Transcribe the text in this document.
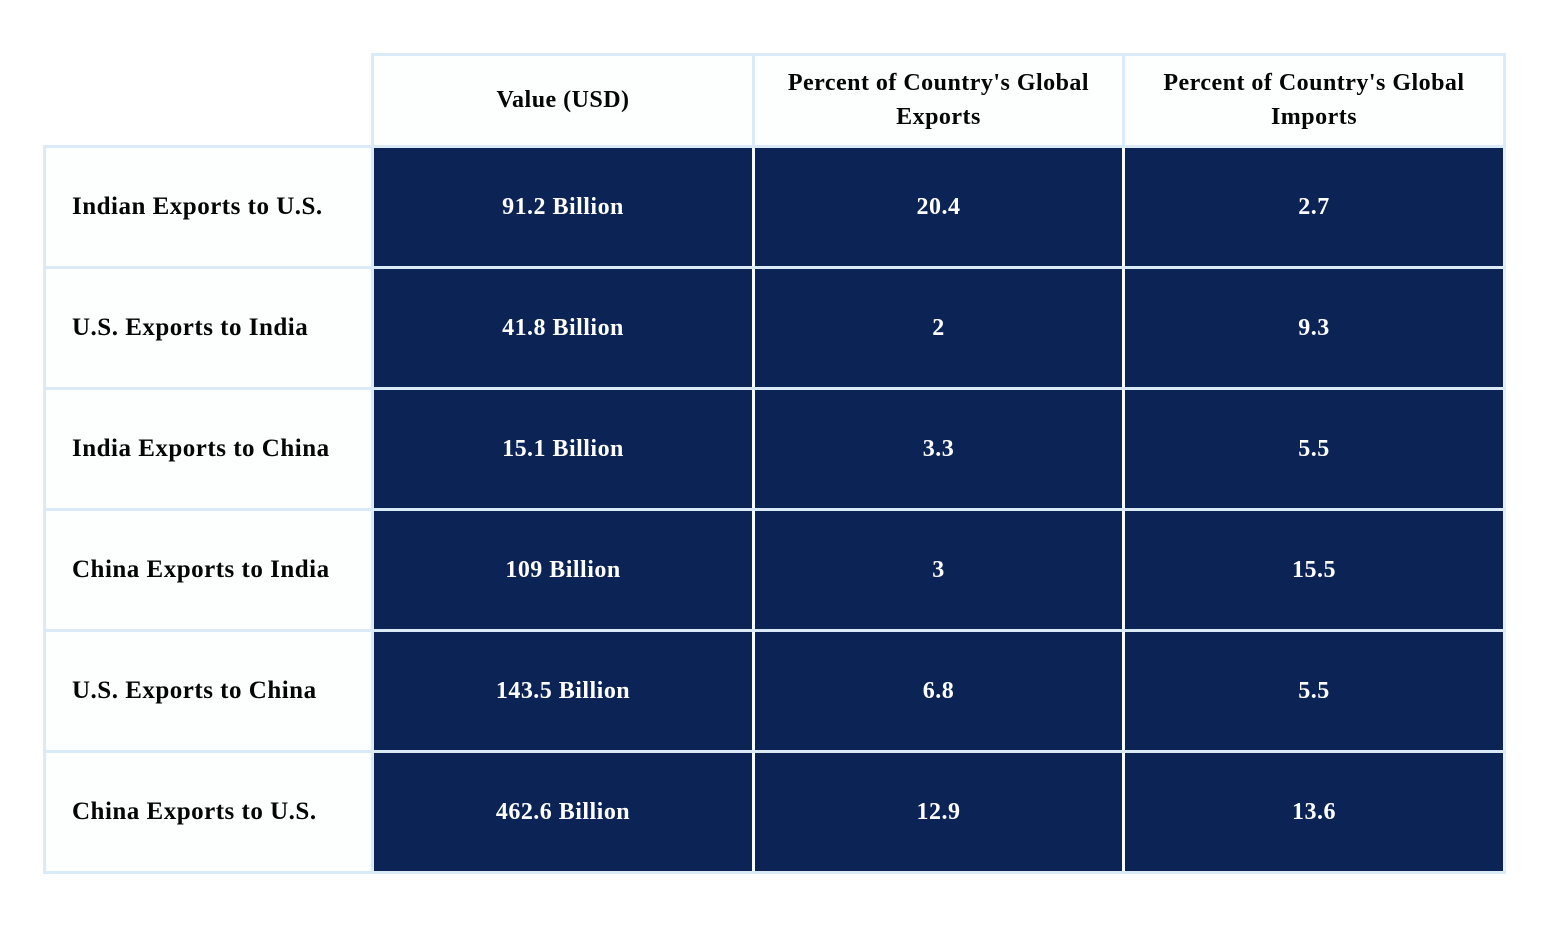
	Value (USD)	Percent of Country's Global Exports	Percent of Country's Global Imports
Indian Exports to U.S.	91.2 Billion	20.4	2.7
U.S. Exports to India	41.8 Billion	2	9.3
India Exports to China	15.1 Billion	3.3	5.5
China Exports to India	109 Billion	3	15.5
U.S. Exports to China	143.5 Billion	6.8	5.5
China Exports to U.S.	462.6 Billion	12.9	13.6
